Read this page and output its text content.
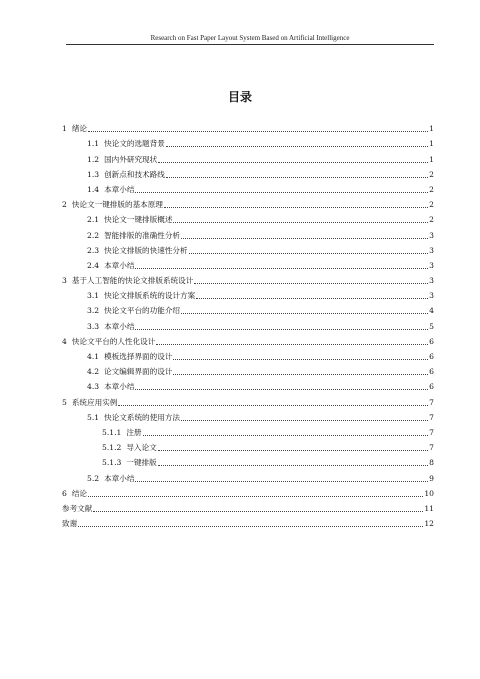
Research on Fast Paper Layout System Based on Artificial Intelligence
目录
1 绪论	1
1.1 快论文的选题背景	1
1.2 国内外研究现状	1
1.3 创新点和技术路线	2
1.4 本章小结	2
2 快论文一键排版的基本原理	2
2.1 快论文一键排版概述	2
2.2 智能排版的准确性分析	3
2.3 快论文排版的快速性分析	3
2.4 本章小结	3
3 基于人工智能的快论文排版系统设计	3
3.1 快论文排版系统的设计方案	3
3.2 快论文平台的功能介绍	4
3.3 本章小结	5
4 快论文平台的人性化设计	6
4.1 模板选择界面的设计	6
4.2 论文编辑界面的设计	6
4.3 本章小结	6
5 系统应用实例	7
5.1 快论文系统的使用方法	7
5.1.1 注册	7
5.1.2 导入论文	7
5.1.3 一键排版	8
5.2 本章小结	9
6 结论	10
参考文献	11
致谢	12
